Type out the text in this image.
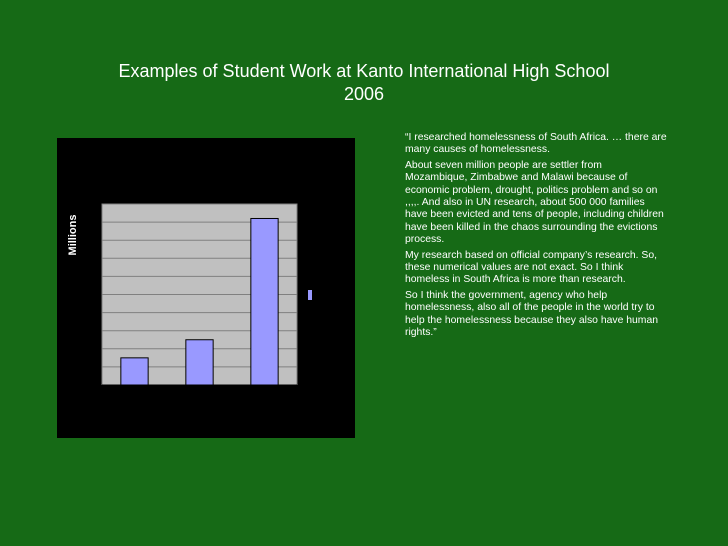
Examples of Student Work at Kanto International High School
2006
Millions

“I researched homelessness of South Africa. … there are many causes of homelessness.

About seven million people are settler from Mozambique, Zimbabwe and Malawi because of economic problem, drought, politics problem and so on ,,,,. And also in UN research, about 500 000 families have been evicted and tens of people, including children have been killed in the chaos surrounding the evictions process.

My research based on official company’s research. So, these numerical values are not exact. So I think homeless in South Africa is more than research.

So I think the government, agency who help homelessness, also all of the people in the world try to help the homelessness because they also have human rights.”
